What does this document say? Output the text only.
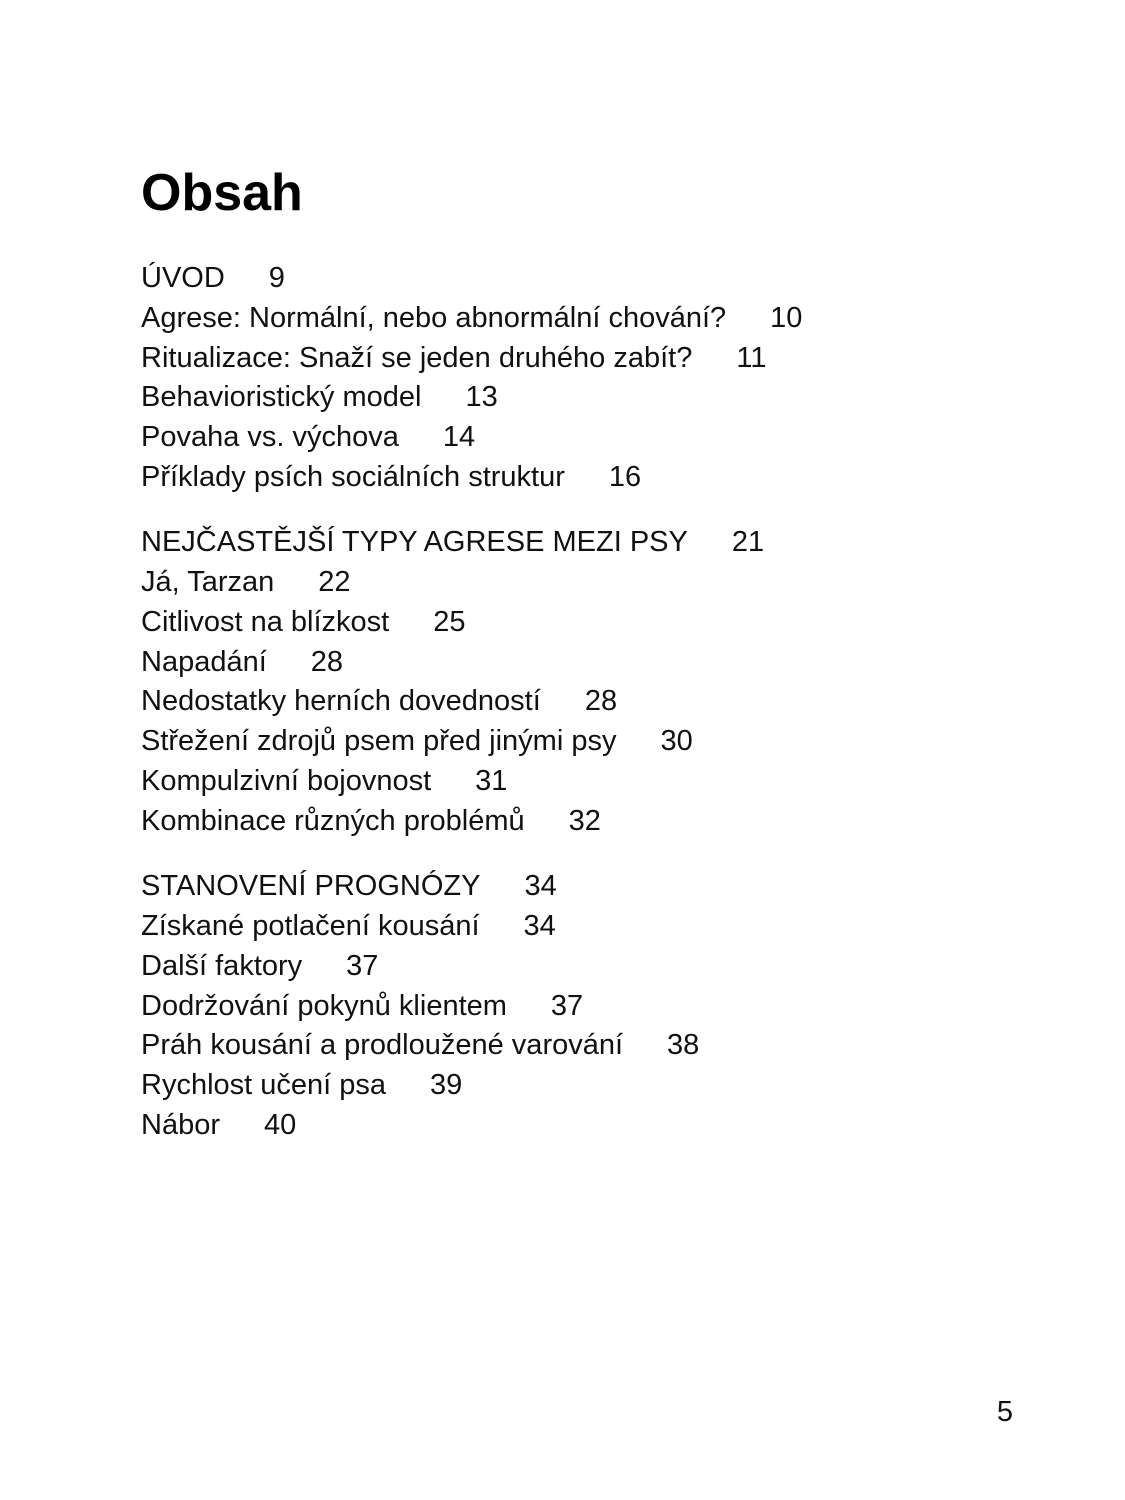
Obsah
ÚVOD 9
Agrese: Normální, nebo abnormální chování? 10
Ritualizace: Snaží se jeden druhého zabít? 11
Behavioristický model 13
Povaha vs. výchova 14
Příklady psích sociálních struktur 16
NEJČASTĚJŠÍ TYPY AGRESE MEZI PSY 21
Já, Tarzan 22
Citlivost na blízkost 25
Napadání 28
Nedostatky herních dovedností 28
Střežení zdrojů psem před jinými psy 30
Kompulzivní bojovnost 31
Kombinace různých problémů 32
STANOVENÍ PROGNÓZY 34
Získané potlačení kousání 34
Další faktory 37
Dodržování pokynů klientem 37
Práh kousání a prodloužené varování 38
Rychlost učení psa 39
Nábor 40
5
